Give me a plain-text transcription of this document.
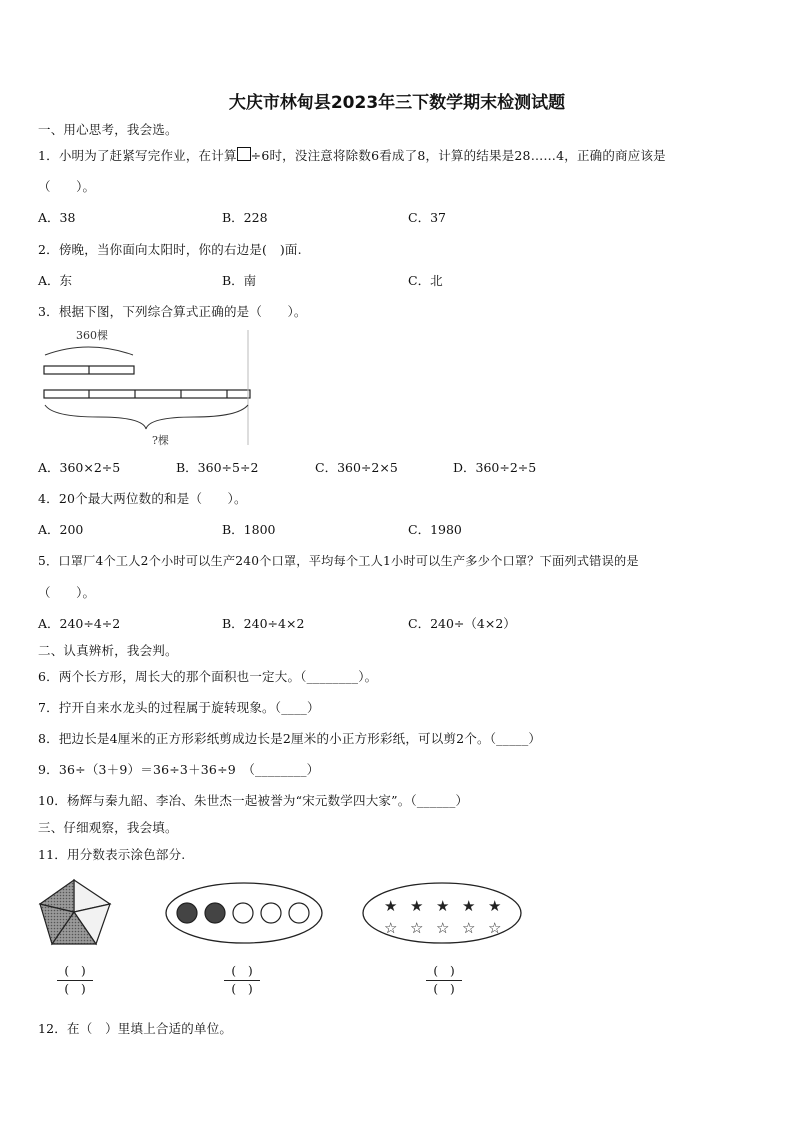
大庆市林甸县2023年三下数学期末检测试题
一、用心思考，我会选。
1．小明为了赶紧写完作业，在计算 ÷6时，没注意将除数6看成了8，计算的结果是28……4，正确的商应该是
（　　）。
A．38	B．228	C．37
2．傍晚，当你面向太阳时，你的右边是(　)面.
A．东	B．南	C．北
3．根据下图，下列综合算式正确的是（　　）。
360棵
?棵
A．360×2÷5	B．360÷5÷2	C．360÷2×5	D．360÷2÷5
4．20个最大两位数的和是（　　）。
A．200	B．1800	C．1980
5．口罩厂4个工人2个小时可以生产240个口罩，平均每个工人1小时可以生产多少个口罩？下面列式错误的是
（　　）。
A．240÷4÷2	B．240÷4×2	C．240÷（4×2）
二、认真辨析，我会判。
6．两个长方形，周长大的那个面积也一定大。（________）。
7．拧开自来水龙头的过程属于旋转现象。（____）
8．把边长是4厘米的正方形彩纸剪成边长是2厘米的小正方形彩纸，可以剪2个。（_____）
9．36÷（3＋9）＝36÷3＋36÷9　（________）
10．杨辉与秦九韶、李冶、朱世杰一起被誉为“宋元数学四大家”。（______）
三、仔细观察，我会填。
11．用分数表示涂色部分.
★ ★ ★ ★ ★
☆ ☆ ☆ ☆ ☆
(　)
(　)
(　)
(　)
(　)
(　)
12．在（　）里填上合适的单位。
